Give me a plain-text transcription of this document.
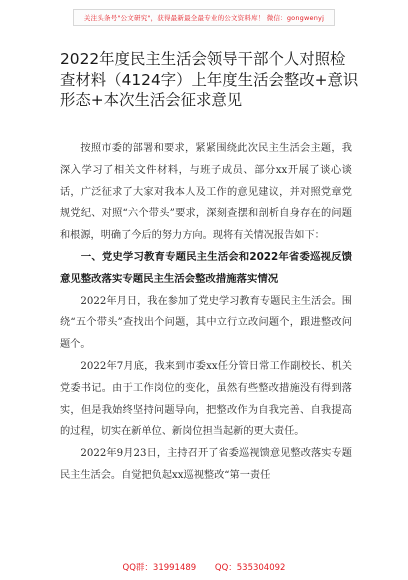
关注头条号"公文研究"，获得最新最全最专业的公文资料库！ 微信：gongwenyj
2022年度民主生活会领导干部个人对照检查材料（4124字）上年度生活会整改+意识形态+本次生活会征求意见

按照市委的部署和要求，紧紧围绕此次民主生活会主题，我深入学习了相关文件材料，与班子成员、部分xx开展了谈心谈话，广泛征求了大家对我本人及工作的意见建议，并对照党章党规党纪、对照“六个带头”要求，深刻查摆和剖析自身存在的问题和根源，明确了今后的努力方向。现将有关情况报告如下：

一、党史学习教育专题民主生活会和2022年省委巡视反馈意见整改落实专题民主生活会整改措施落实情况

2022年月日，我在参加了党史学习教育专题民主生活会。围绕“五个带头”查找出个问题，其中立行立改问题个，跟进整改问题个。

2022年7月底，我来到市委xx任分管日常工作副校长、机关党委书记。由于工作岗位的变化，虽然有些整改措施没有得到落实，但是我始终坚持问题导向，把整改作为自我完善、自我提高的过程，切实在新单位、新岗位担当起新的更大责任。

2022年9月23日，主持召开了省委巡视馈意见整改落实专题民主生活会。自觉把负起xx巡视整改“第一责任

QQ群：31991489 QQ：535304092
